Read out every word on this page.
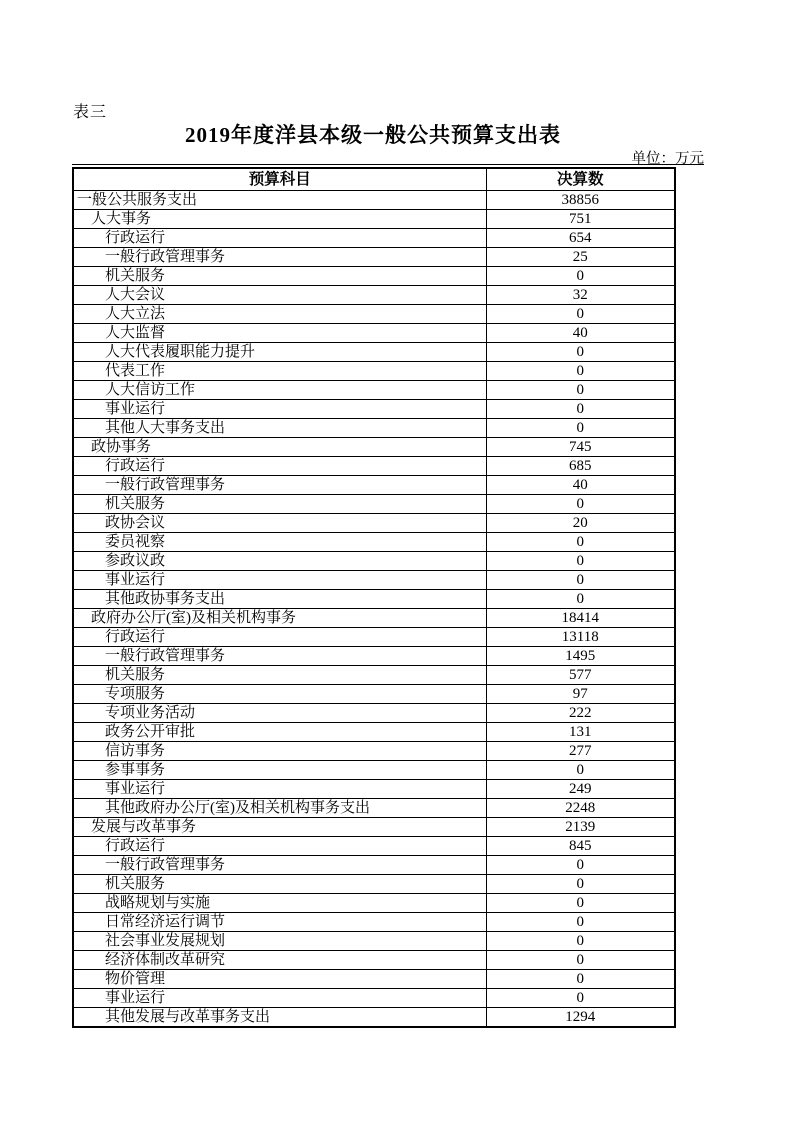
表三
2019年度洋县本级一般公共预算支出表
单位：万元
预算科目	决算数
一般公共服务支出	38856
人大事务	751
行政运行	654
一般行政管理事务	25
机关服务	0
人大会议	32
人大立法	0
人大监督	40
人大代表履职能力提升	0
代表工作	0
人大信访工作	0
事业运行	0
其他人大事务支出	0
政协事务	745
行政运行	685
一般行政管理事务	40
机关服务	0
政协会议	20
委员视察	0
参政议政	0
事业运行	0
其他政协事务支出	0
政府办公厅(室)及相关机构事务	18414
行政运行	13118
一般行政管理事务	1495
机关服务	577
专项服务	97
专项业务活动	222
政务公开审批	131
信访事务	277
参事事务	0
事业运行	249
其他政府办公厅(室)及相关机构事务支出	2248
发展与改革事务	2139
行政运行	845
一般行政管理事务	0
机关服务	0
战略规划与实施	0
日常经济运行调节	0
社会事业发展规划	0
经济体制改革研究	0
物价管理	0
事业运行	0
其他发展与改革事务支出	1294
